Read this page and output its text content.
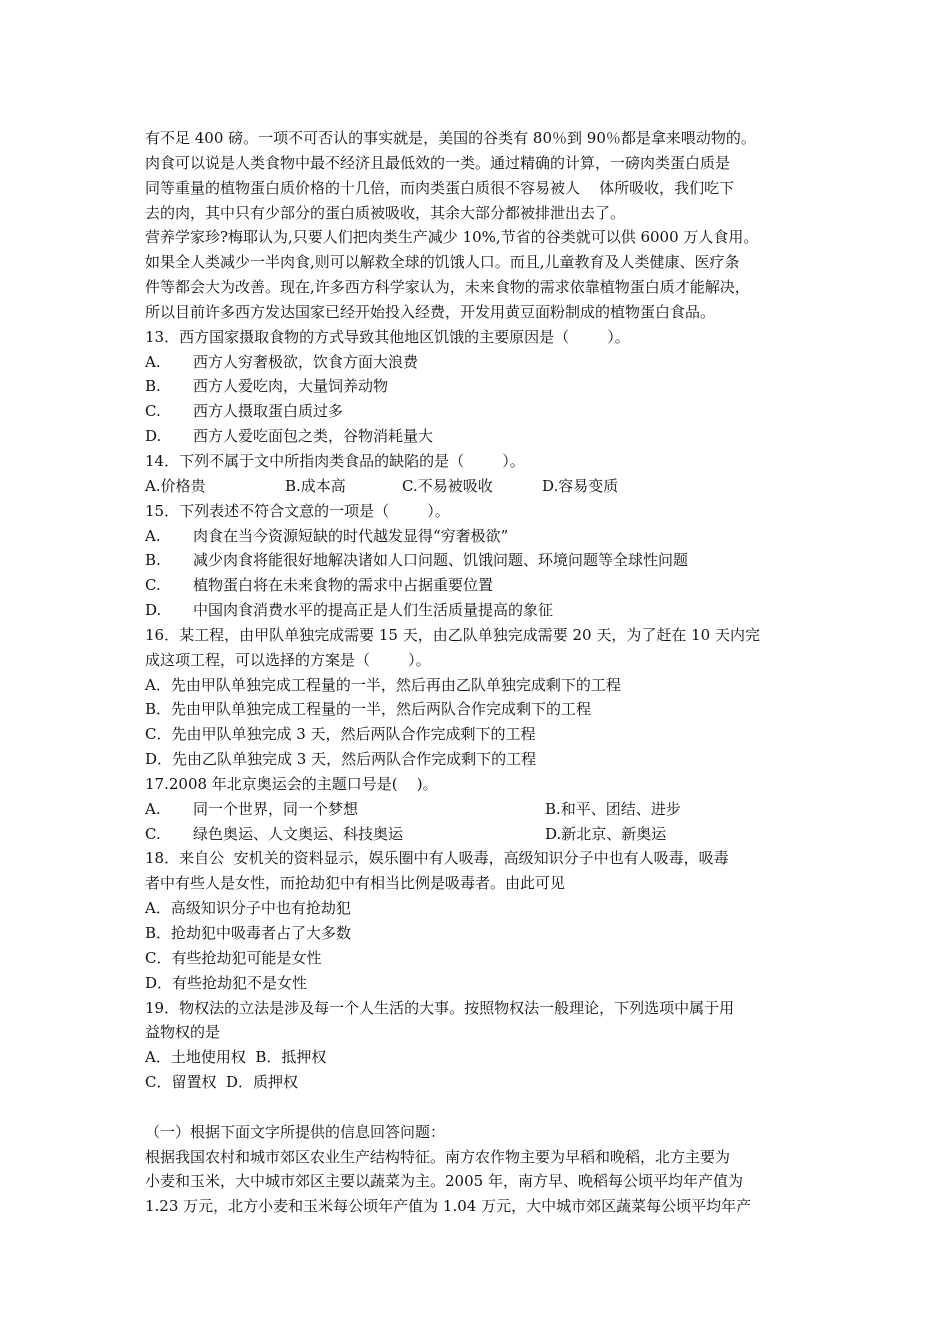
有不足 400 磅。一项不可否认的事实就是，美国的谷类有 80％到 90％都是拿来喂动物的。
肉食可以说是人类食物中最不经济且最低效的一类。通过精确的计算，一磅肉类蛋白质是
同等重量的植物蛋白质价格的十几倍，而肉类蛋白质很不容易被人    体所吸收，我们吃下
去的肉，其中只有少部分的蛋白质被吸收，其余大部分都被排泄出去了。
营养学家珍?梅耶认为,只要人们把肉类生产减少 10%,节省的谷类就可以供 6000 万人食用。
如果全人类减少一半肉食,则可以解救全球的饥饿人口。而且,儿童教育及人类健康、医疗条
件等都会大为改善。现在,许多西方科学家认为，未来食物的需求依靠植物蛋白质才能解决，
所以目前许多西方发达国家已经开始投入经费，开发用黄豆面粉制成的植物蛋白食品。
13．西方国家摄取食物的方式导致其他地区饥饿的主要原因是（        ）。
A.	西方人穷奢极欲，饮食方面大浪费
B.	西方人爱吃肉，大量饲养动物
C.	西方人摄取蛋白质过多
D.	西方人爱吃面包之类，谷物消耗量大
14．下列不属于文中所指肉类食品的缺陷的是（        ）。
A.价格贵	B.成本高	C.不易被吸收	D.容易变质
15．下列表述不符合文意的一项是（        ）。
A.	肉食在当今资源短缺的时代越发显得“穷奢极欲”
B.	减少肉食将能很好地解决诸如人口问题、饥饿问题、环境问题等全球性问题
C.	植物蛋白将在未来食物的需求中占据重要位置
D.	中国肉食消费水平的提高正是人们生活质量提高的象征
16．某工程，由甲队单独完成需要 15 天，由乙队单独完成需要 20 天，为了赶在 10 天内完
成这项工程，可以选择的方案是（        ）。
A．先由甲队单独完成工程量的一半，然后再由乙队单独完成剩下的工程
B．先由甲队单独完成工程量的一半，然后两队合作完成剩下的工程
C．先由甲队单独完成 3 天，然后两队合作完成剩下的工程
D．先由乙队单独完成 3 天，然后两队合作完成剩下的工程
17.2008 年北京奥运会的主题口号是(    )。
A.	同一个世界，同一个梦想	B.和平、团结、进步
C.	绿色奥运、人文奥运、科技奥运	D.新北京、新奥运
18．来自公  安机关的资料显示，娱乐圈中有人吸毒，高级知识分子中也有人吸毒，吸毒
者中有些人是女性，而抢劫犯中有相当比例是吸毒者。由此可见
A．高级知识分子中也有抢劫犯
B．抢劫犯中吸毒者占了大多数
C．有些抢劫犯可能是女性
D．有些抢劫犯不是女性
19．物权法的立法是涉及每一个人生活的大事。按照物权法一般理论，下列选项中属于用
益物权的是
A．土地使用权  B．抵押权
C．留置权  D．质押权
（一）根据下面文字所提供的信息回答问题：
根据我国农村和城市郊区农业生产结构特征。南方农作物主要为早稻和晚稻，北方主要为
小麦和玉米，大中城市郊区主要以蔬菜为主。2005 年，南方早、晚稻每公顷平均年产值为
1.23 万元，北方小麦和玉米每公顷年产值为 1.04 万元，大中城市郊区蔬菜每公顷平均年产
